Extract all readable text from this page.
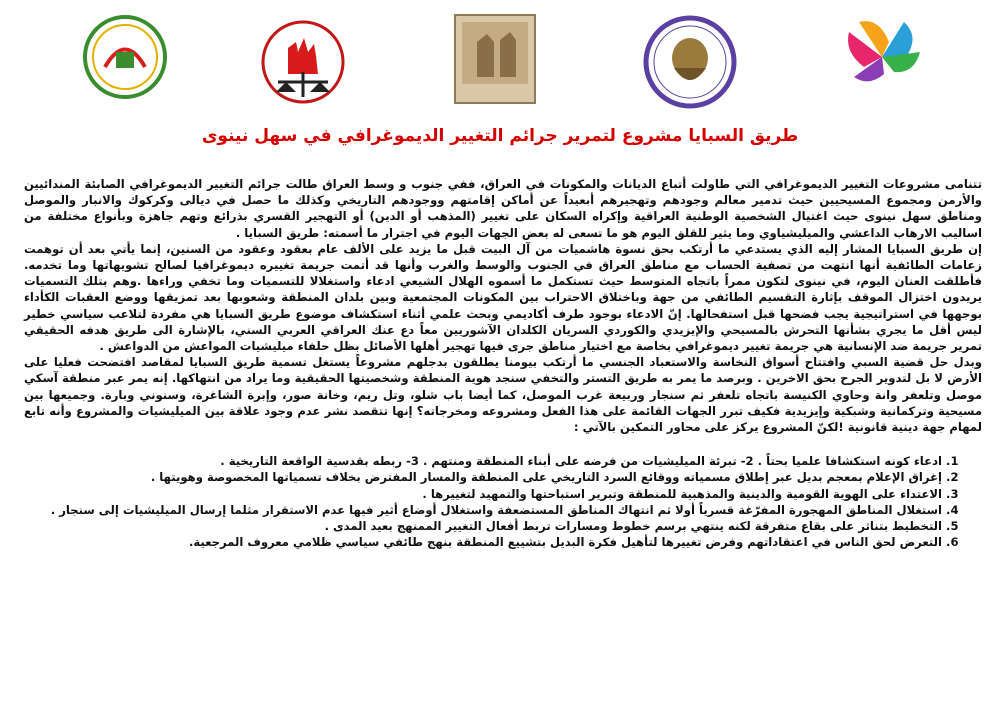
طريق السبايا مشروع لتمرير جرائم التغيير الديموغرافي في سهل نينوى

تتنامى مشروعات التغيير الديموغرافي التي طاولت أتباع الديانات والمكونات في العراق، ففي جنوب و وسط العراق طالت جرائم التغيير الديموغرافي الصابئة المندائيين والأرمن ومجموع المسيحيين حيث تدمير معالم وجودهم وتهجيرهم أبعيداً عن أماكن إقامتهم ووجودهم التاريخي وكذلك ما حصل في ديالى وكركوك والانبار والموصل ومناطق سهل نينوى حيث اغتيال الشخصية الوطنية العراقية وإكراه السكان على تغيير (المذهب أو الدين) أو التهجير القسري بذرائع وتهم جاهزة وبأنواع مختلفة من اساليب الارهاب الداعشي والميليشياوي وما يثير للقلق اليوم هو ما تسعى له بعض الجهات اليوم في اجترار ما أسمته: طريق السبايا .

إن طريق السبايا المشار إليه الذي يستدعي ما أرتكب بحق نسوة هاشميات من آل البيت قبل ما يزيد على الألف عام بعقود وعقود من السنين، إنما يأتي بعد أن توهمت زعامات الطائفية أنها انتهت من تصفية الحساب مع مناطق العراق في الجنوب والوسط والغرب وأنها قد أتمت جريمة تغييره ديموغرافيا لصالح تشويهاتها وما تخدمه. فأطلقت العنان اليوم، في نينوى لتكون ممراً باتجاه المتوسط حيث تستكمل ما أسموه الهلال الشيعي ادعاء واستغلالا للتسميات وما تخفي وراءها .وهم بتلك التسميات يريدون اختزال الموقف بإثارة التقسيم الطائفي من جهة وباختلاق الاحتراب بين المكونات المجتمعية وبين بلدان المنطقة وشعوبها بعد تمزيقها ووضع العقبات الكأداء بوجهها في استراتيجية يجب فضحها قبل استفحالها. إنّ الادعاء بوجود طرف أكاديمي وبحث علمي أثناء استكشاف موضوع طريق السبايا هي مفردة لتلاعب سياسي خطير ليس أقل ما يجري بشأنها التحرش بالمسيحي والإيزيدي والكوردي السريان الكلدان الآشوريين معاً دع عنك العراقي العربي السني، بالإشارة الى طريق هدفه الحقيقي تمرير جريمة ضد الإنسانية هي جريمة تغيير ديموغرافي بخاصة مع اختيار مناطق جرى فيها تهجير أهلها الأصائل بظل حلفاء ميليشيات المواعش من الدواعش .

وبدل حل قضية السبي وافتتاح أسواق النخاسة والاستعباد الجنسي ما أرتكب بيومنا يطلقون بدجلهم مشروعاً يستغل تسمية طريق السبايا لمقاصد افتضحت فعليا على الأرض لا بل لتدوير الجرح بحق الاخرين . وبرصد ما يمر به طريق التستر والتخفي سنجد هوية المنطقة وشخصيتها الحقيقية وما يراد من انتهاكها. إنه يمر عبر منطقة آسكي موصل وتلعفر وانة وحاوي الكنيسة باتجاه تلعفر ثم سنجار وربيعة غرب الموصل، كما أيضا باب شلو، وتل ريم، وخانة صور، وإبرة الشاغرة، وسنوني وبارة. وجميعها بين مسيحية وتركمانية وشبكية وإيزيدية فكيف تبرر الجهات القائمة على هذا الفعل ومشروعه ومخرجاته؟ إنها تتقصد نشر عدم وجود علاقة بين الميليشيات والمشروع وأنه تابع لمهام جهة دينية قانونية !لكنّ المشروع يركز على محاور التمكين بالآتي :

1. ادعاء كونه استكشافا علميا بحتاً . 2- تبرئة الميليشيات من فرضه على أبناء المنطقة ومنتهم . 3- ربطه بقدسية الواقعة التاريخية .
2. إغراق الإعلام بمعجم بديل عبر إطلاق مسمياته ووقائع السرد التاريخي على المنطقة والمسار المفترض بخلاف تسمياتها المخصوصة وهويتها .
3. الاعتداء على الهوية القومية والدينية والمذهبية للمنطقة وتبرير استباحتها والتمهيد لتغييرها .
4. استغلال المناطق المهجورة المفرّغة قسرياً أولا ثم انتهاك المناطق المستضعفة واستغلال أوضاع أثير فيها عدم الاستقرار مثلما إرسال الميليشيات إلى سنجار .
5. التخطيط بتناثر على بقاع متفرقة لكنه ينتهي برسم خطوط ومسارات تربط أفعال التغيير الممنهج بعيد المدى .
6. التعرض لحق الناس في اعتقاداتهم وفرض تغييرها لتأهيل فكرة البديل بتشييع المنطقة بنهج طائفي سياسي ظلامي معروف المرجعية.
